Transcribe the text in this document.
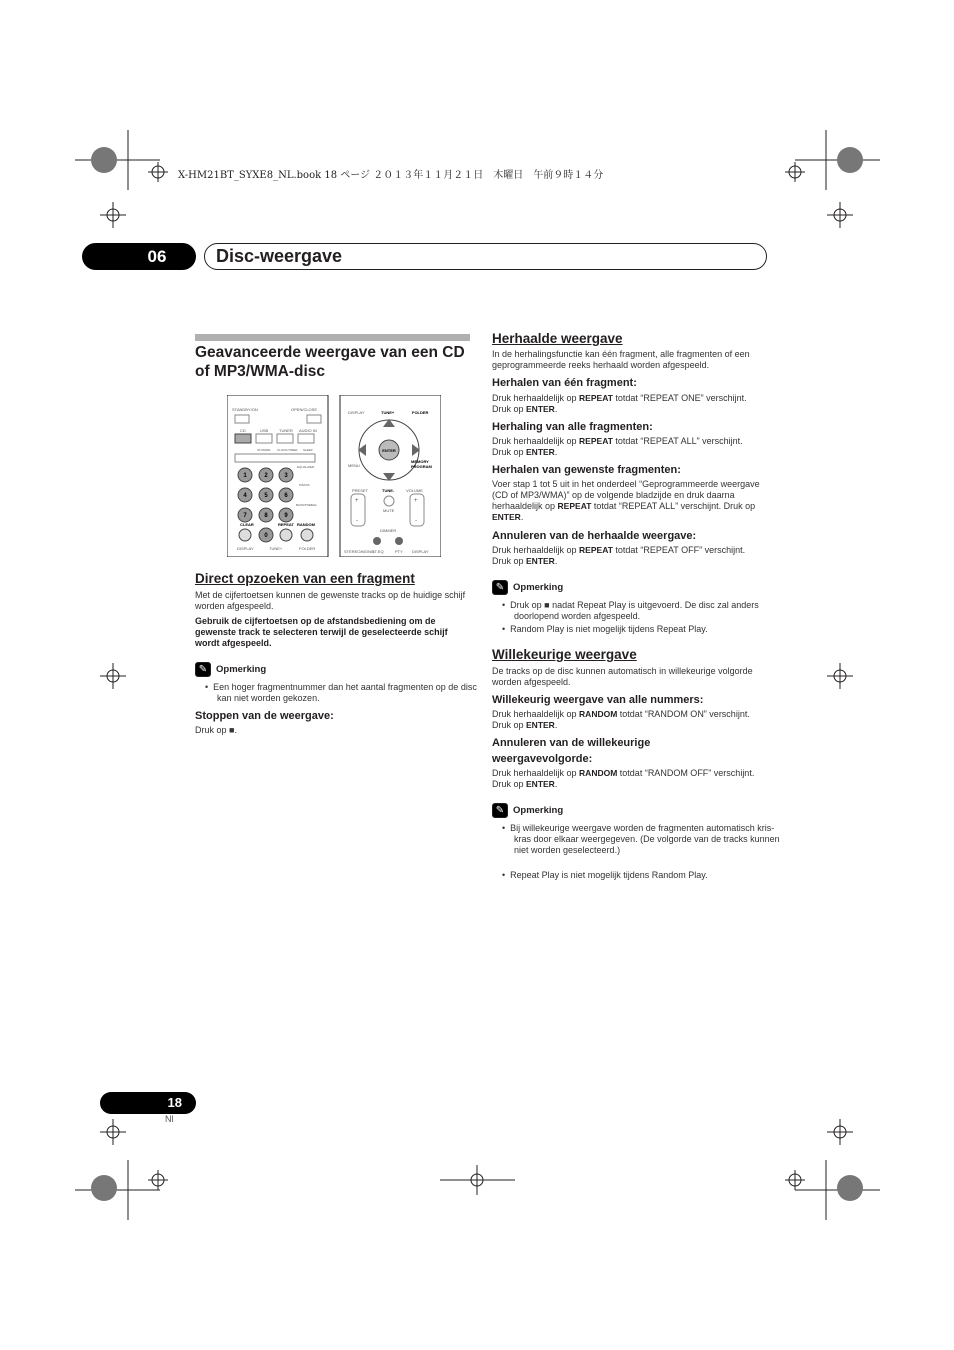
X-HM21BT_SYXE8_NL.book 18 ページ ２０１３年１１月２１日　木曜日　午前９時１４分
06	Disc-weergave
Geavanceerde weergave van een CD of MP3/WMA-disc
STANDBY/ON	OPEN/CLOSE
CD	USB	TUNER AUDIO IN
ST.MODE CLOCK/TIMER SLEEP
EQUALIZER
P.BASS
BASS/TREBLE
1	2	3
4	5	6
7	8	9
0
CLEAR	REPEAT RANDOM
DISPLAY	TUNE+	FOLDER
DISPLAY	TUNE+	FOLDER
ENTER
MENU
MEMORY
PROGRAM
PRESET	TUNE-	VOLUME
+
-
+
-
MUTE
DIMMER
STEREO/MONO
ST.EQ	PTY DISPLAY
Direct opzoeken van een fragment
Met de cijfertoetsen kunnen de gewenste tracks op de huidige schijf worden afgespeeld.
Gebruik de cijfertoetsen op de afstandsbediening om de gewenste track te selecteren terwijl de geselecteerde schijf wordt afgespeeld.
✎ Opmerking
•  Een hoger fragmentnummer dan het aantal fragmenten op de disc kan niet worden gekozen.
Stoppen van de weergave:
Druk op ■.
Herhaalde weergave
In de herhalingsfunctie kan één fragment, alle fragmenten of een geprogrammeerde reeks herhaald worden afgespeeld.
Herhalen van één fragment:
Druk herhaaldelijk op REPEAT totdat “REPEAT ONE” verschijnt. Druk op ENTER.
Herhaling van alle fragmenten:
Druk herhaaldelijk op REPEAT totdat “REPEAT ALL” verschijnt. Druk op ENTER.
Herhalen van gewenste fragmenten:
Voer stap 1 tot 5 uit in het onderdeel “Geprogrammeerde weergave (CD of MP3/WMA)” op de volgende bladzijde en druk daarna herhaaldelijk op REPEAT totdat “REPEAT ALL” verschijnt. Druk op ENTER.
Annuleren van de herhaalde weergave:
Druk herhaaldelijk op REPEAT totdat “REPEAT OFF” verschijnt. Druk op ENTER.
✎ Opmerking
•  Druk op ■ nadat Repeat Play is uitgevoerd. De disc zal anders doorlopend worden afgespeeld.
•  Random Play is niet mogelijk tijdens Repeat Play.
Willekeurige weergave
De tracks op de disc kunnen automatisch in willekeurige volgorde worden afgespeeld.
Willekeurig weergave van alle nummers:
Druk herhaaldelijk op RANDOM totdat “RANDOM ON” verschijnt. Druk op ENTER.
Annuleren van de willekeurige weergavevolgorde:
Druk herhaaldelijk op RANDOM totdat “RANDOM OFF” verschijnt. Druk op ENTER.
✎ Opmerking
•  Bij willekeurige weergave worden de fragmenten automatisch kris-kras door elkaar weergegeven. (De volgorde van de tracks kunnen niet worden geselecteerd.)
•  Repeat Play is niet mogelijk tijdens Random Play.
18
Nl
